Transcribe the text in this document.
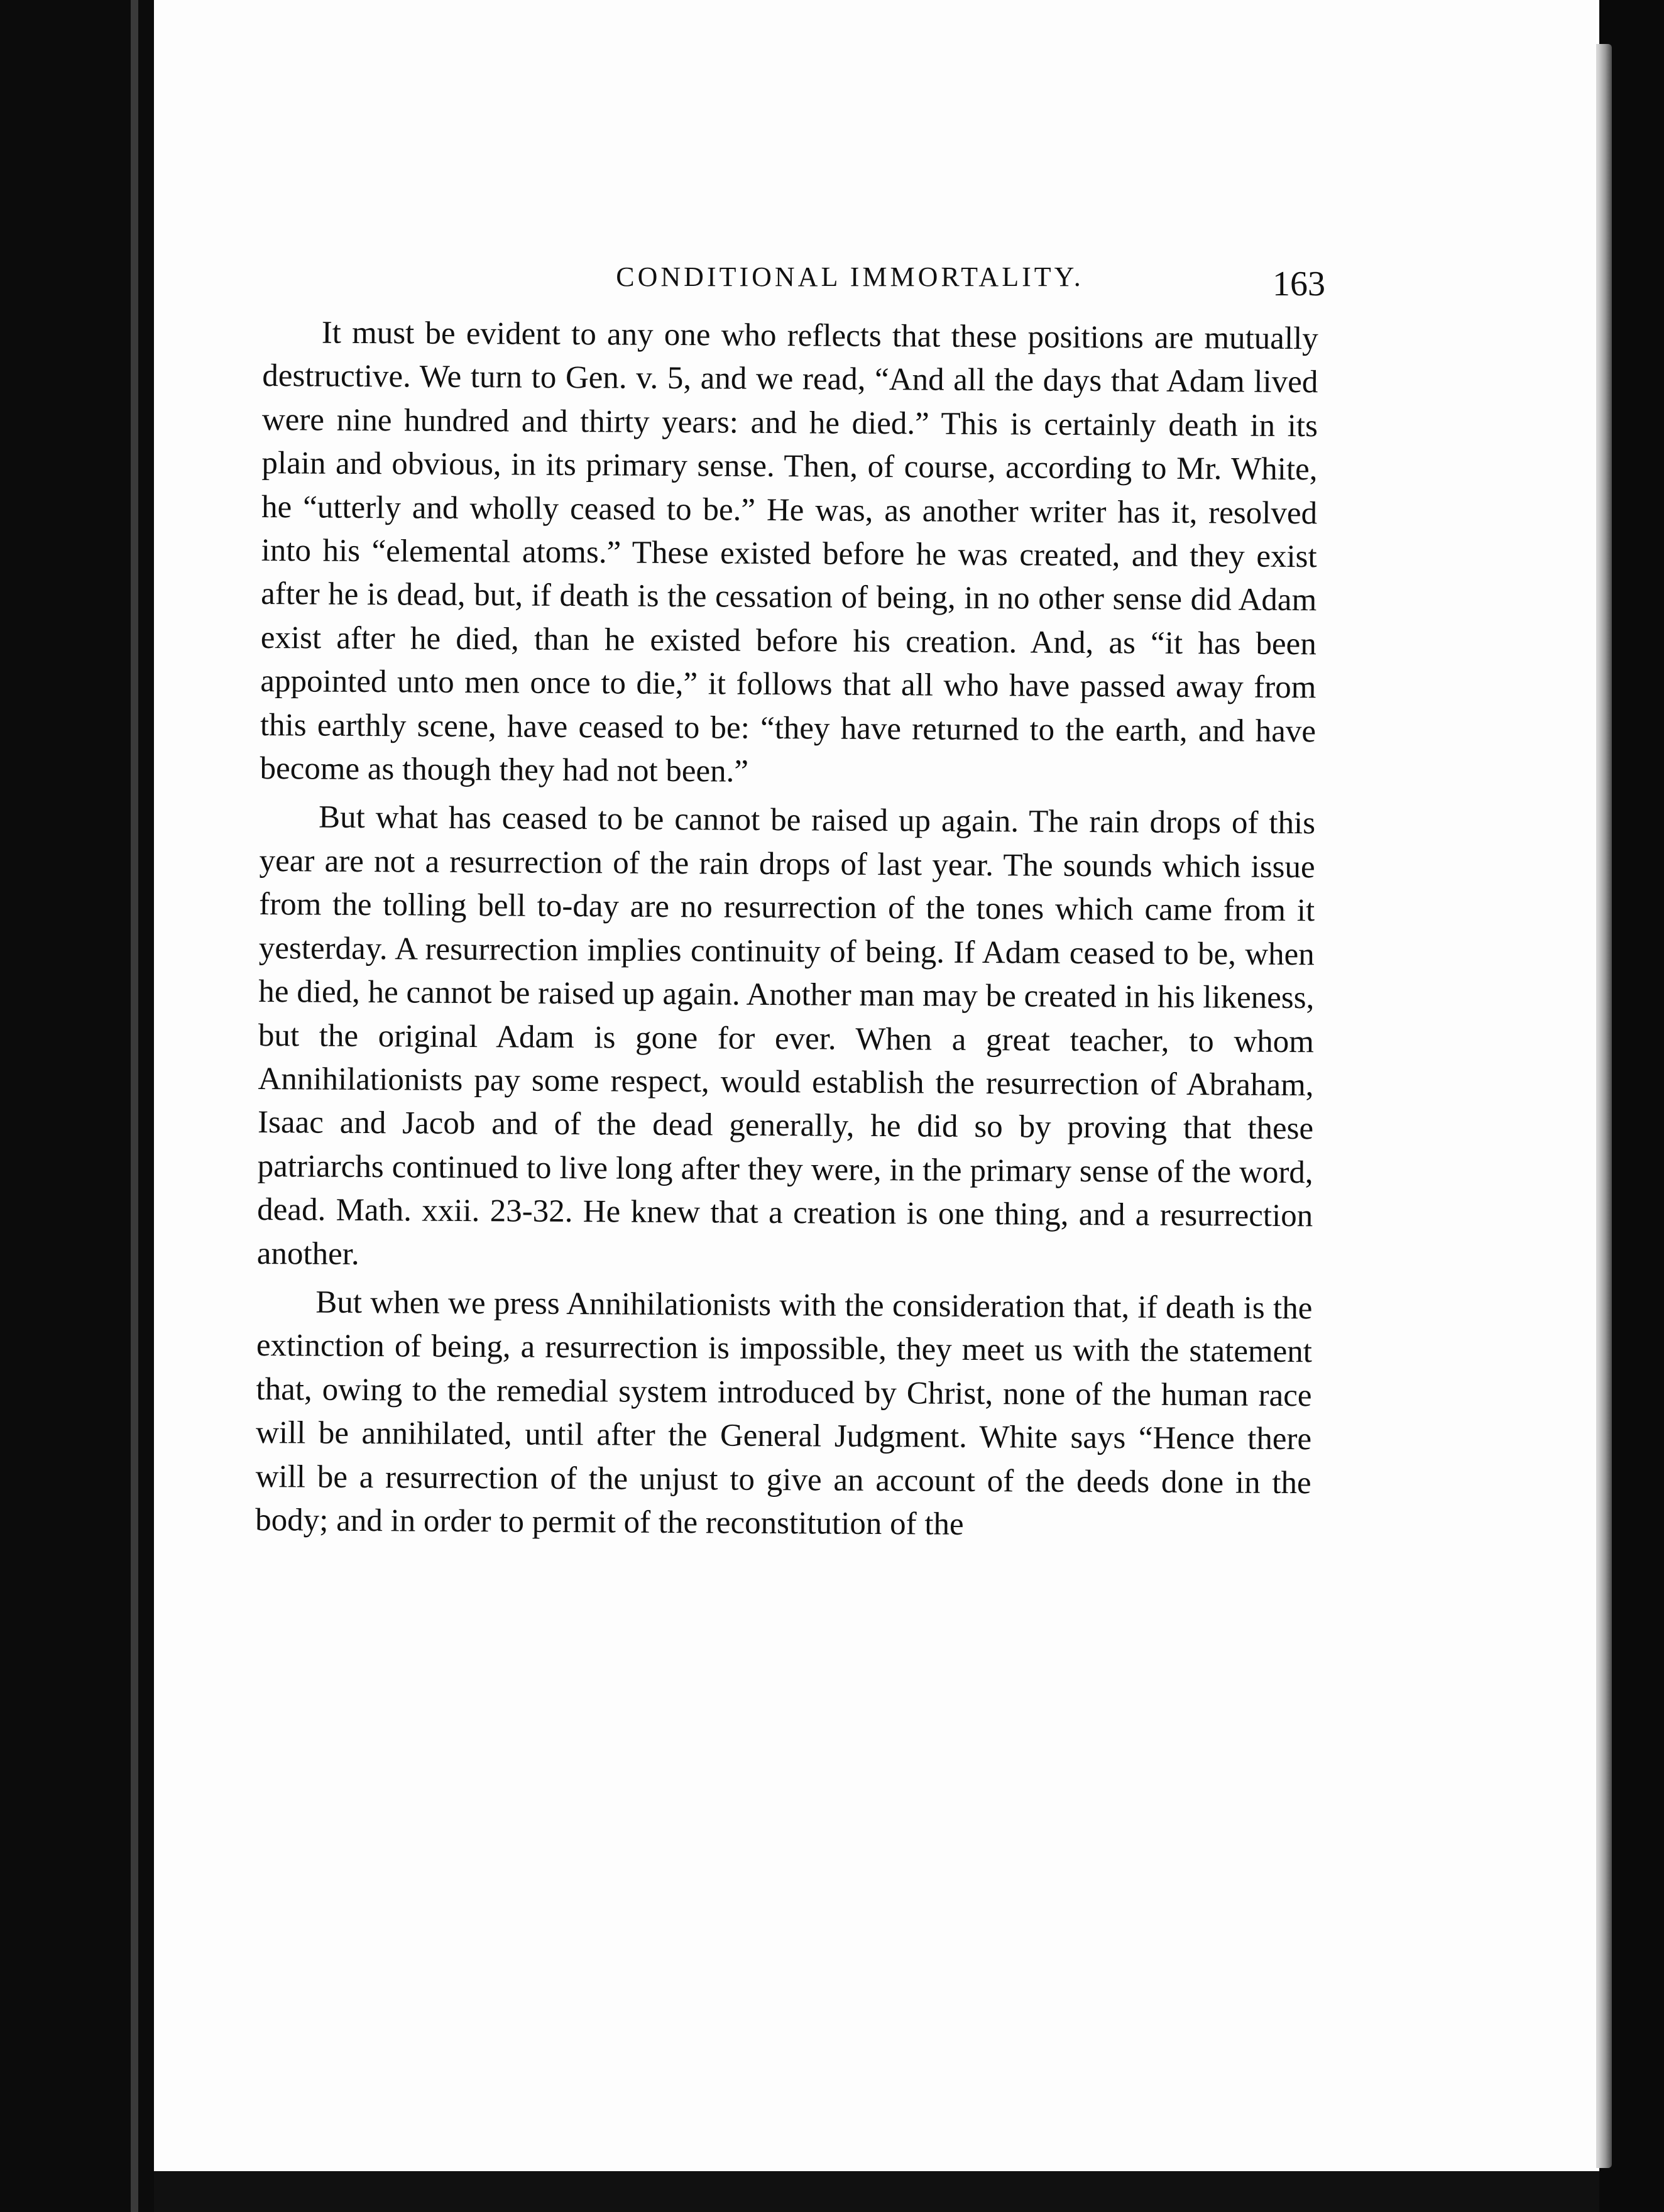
CONDITIONAL IMMORTALITY.	163

It must be evident to any one who reflects that these positions are mutually destructive. We turn to Gen. v. 5, and we read, “And all the days that Adam lived were nine hundred and thirty years: and he died.” This is certainly death in its plain and obvious, in its primary sense. Then, of course, according to Mr. White, he “utterly and wholly ceased to be.” He was, as another writer has it, resolved into his “elemental atoms.” These existed before he was created, and they exist after he is dead, but, if death is the cessation of being, in no other sense did Adam exist after he died, than he existed before his creation. And, as “it has been appointed unto men once to die,” it follows that all who have passed away from this earthly scene, have ceased to be: “they have returned to the earth, and have become as though they had not been.”

But what has ceased to be cannot be raised up again. The rain drops of this year are not a resurrection of the rain drops of last year. The sounds which issue from the tolling bell to-day are no resurrection of the tones which came from it yesterday. A resurrection implies continuity of being. If Adam ceased to be, when he died, he cannot be raised up again. Another man may be created in his likeness, but the original Adam is gone for ever. When a great teacher, to whom Annihilationists pay some respect, would establish the resurrection of Abraham, Isaac and Jacob and of the dead generally, he did so by proving that these patriarchs continued to live long after they were, in the primary sense of the word, dead. Math. xxii. 23-32. He knew that a creation is one thing, and a resurrection another.

But when we press Annihilationists with the consideration that, if death is the extinction of being, a resurrection is impossible, they meet us with the statement that, owing to the remedial system introduced by Christ, none of the human race will be annihilated, until after the General Judgment. White says “Hence there will be a resurrection of the unjust to give an account of the deeds done in the body; and in order to permit of the reconstitution of the
